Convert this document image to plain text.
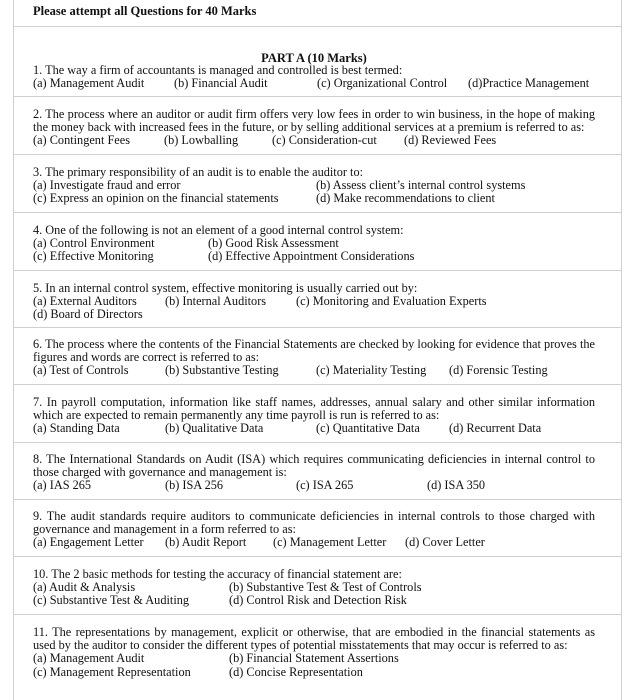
Please attempt all Questions for 40 Marks
PART A (10 Marks)
1. The way a firm of accountants is managed and controlled is best termed:
(a) Management Audit (b) Financial Audit	(c) Organizational Control (d)Practice Management
2. The process where an auditor or audit firm offers very low fees in order to win business, in the hope of making the money back with increased fees in the future, or by selling additional services at a premium is referred to as:
(a) Contingent Fees	(b) Lowballing	(c) Consideration-cut (d) Reviewed Fees
3. The primary responsibility of an audit is to enable the auditor to:
(a) Investigate fraud and error	(b) Assess client’s internal control systems
(c) Express an opinion on the financial statements	(d) Make recommendations to client
4. One of the following is not an element of a good internal control system:
(a) Control Environment	(b) Good Risk Assessment
(c) Effective Monitoring	(d) Effective Appointment Considerations
5. In an internal control system, effective monitoring is usually carried out by:
(a) External Auditors (b) Internal Auditors (c) Monitoring and Evaluation Experts
(d) Board of Directors
6. The process where the contents of the Financial Statements are checked by looking for evidence that proves the figures and words are correct is referred to as:
(a) Test of Controls	(b) Substantive Testing	(c) Materiality Testing (d) Forensic Testing
7. In payroll computation, information like staff names, addresses, annual salary and other similar information which are expected to remain permanently any time payroll is run is referred to as:
(a) Standing Data	(b) Qualitative Data	(c) Quantitative Data (d) Recurrent Data
8. The International Standards on Audit (ISA) which requires communicating deficiencies in internal control to those charged with governance and management is:
(a) IAS 265	(b) ISA 256	(c) ISA 265	(d) ISA 350
9. The audit standards require auditors to communicate deficiencies in internal controls to those charged with governance and management in a form referred to as:
(a) Engagement Letter (b) Audit Report (c) Management Letter (d) Cover Letter
10. The 2 basic methods for testing the accuracy of financial statement are:
(a) Audit & Analysis	(b) Substantive Test & Test of Controls
(c) Substantive Test & Auditing	(d) Control Risk and Detection Risk
11. The representations by management, explicit or otherwise, that are embodied in the financial statements as used by the auditor to consider the different types of potential misstatements that may occur is referred to as:
(a) Management Audit	(b) Financial Statement Assertions
(c) Management Representation	(d) Concise Representation
